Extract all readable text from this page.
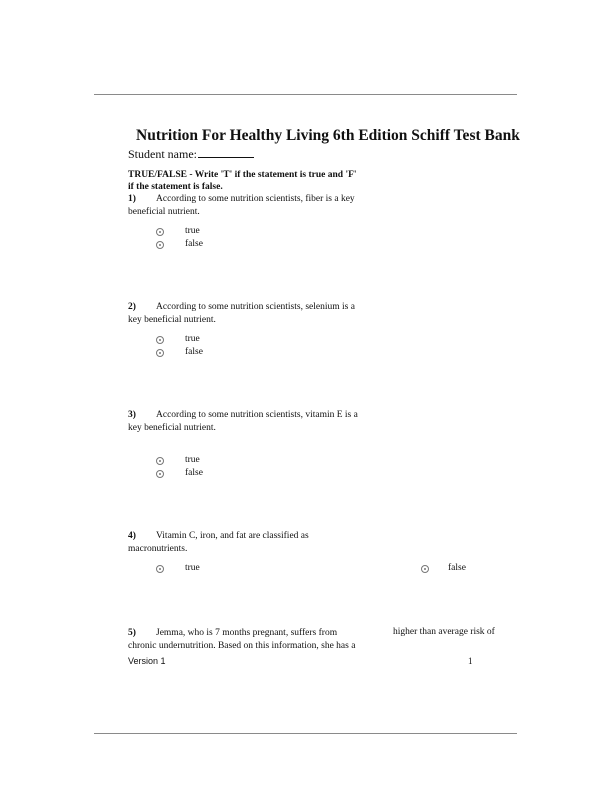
Nutrition For Healthy Living 6th Edition Schiff Test Bank
Student name:
TRUE/FALSE - Write 'T' if the statement is true and 'F' if the statement is false.
1) According to some nutrition scientists, fiber is a key beneficial nutrient.
true
false
2) According to some nutrition scientists, selenium is a key beneficial nutrient.
true
false
3) According to some nutrition scientists, vitamin E is a key beneficial nutrient.
true
false
4) Vitamin C, iron, and fat are classified as macronutrients.
true	false
5) Jemma, who is 7 months pregnant, suffers from chronic undernutrition. Based on this information, she has a
higher than average risk of
Version 1	1
